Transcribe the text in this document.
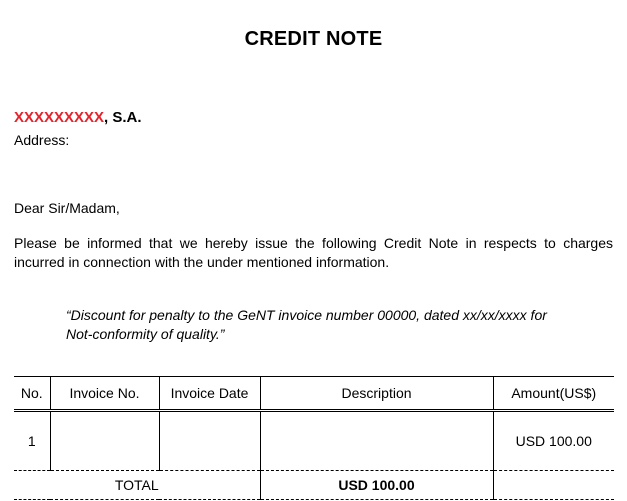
CREDIT NOTE
XXXXXXXXX, S.A.
Address:
Dear Sir/Madam,
Please be informed that we hereby issue the following Credit Note in respects to charges incurred in connection with the under mentioned information.
“Discount for penalty to the GeNT invoice number 00000, dated xx/xx/xxxx for
Not-conformity of quality.”
No.	Invoice No.	Invoice Date	Description	Amount(US$)
1				USD 100.00
TOTAL			USD 100.00	
